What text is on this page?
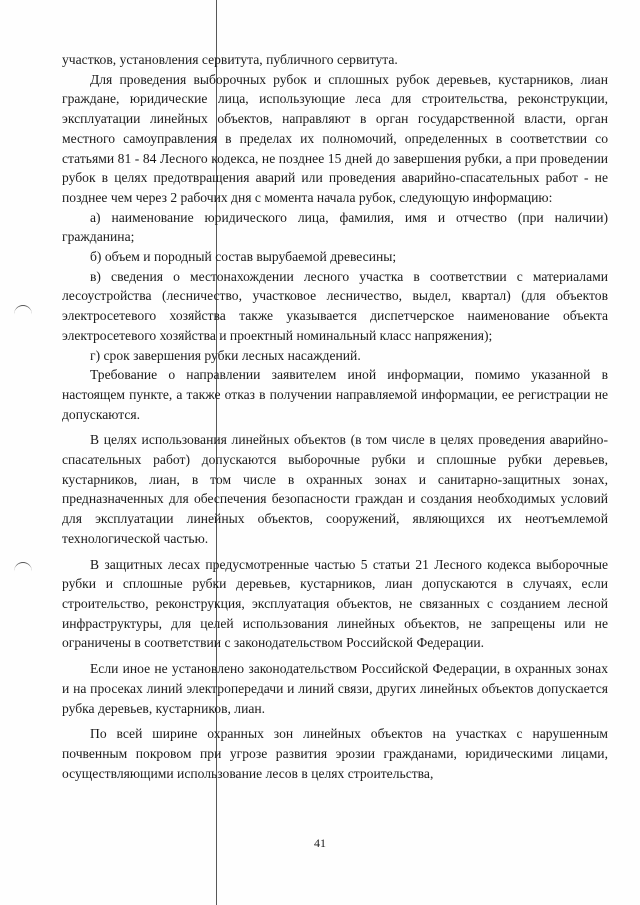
участков, установления сервитута, публичного сервитута.

Для проведения выборочных рубок и сплошных рубок деревьев, кустарников, лиан граждане, юридические лица, использующие леса для строительства, реконструкции, эксплуатации линейных объектов, направляют в орган государственной власти, орган местного самоуправления в пределах их полномочий, определенных в соответствии со статьями 81 - 84 Лесного кодекса, не позднее 15 дней до завершения рубки, а при проведении рубок в целях предотвращения аварий или проведения аварийно-спасательных работ - не позднее чем через 2 рабочих дня с момента начала рубок, следующую информацию:

а) наименование юридического лица, фамилия, имя и отчество (при наличии) гражданина;

б) объем и породный состав вырубаемой древесины;

в) сведения о местонахождении лесного участка в соответствии с материалами лесоустройства (лесничество, участковое лесничество, выдел, квартал) (для объектов электросетевого хозяйства также указывается диспетчерское наименование объекта электросетевого хозяйства и проектный номинальный класс напряжения);

г) срок завершения рубки лесных насаждений.

Требование о направлении заявителем иной информации, помимо указанной в настоящем пункте, а также отказ в получении направляемой информации, ее регистрации не допускаются.

В целях использования линейных объектов (в том числе в целях проведения аварийно-спасательных работ) допускаются выборочные рубки и сплошные рубки деревьев, кустарников, лиан, в том числе в охранных зонах и санитарно-защитных зонах, предназначенных для обеспечения безопасности граждан и создания необходимых условий для эксплуатации линейных объектов, сооружений, являющихся их неотъемлемой технологической частью.

В защитных лесах предусмотренные частью 5 статьи 21 Лесного кодекса выборочные рубки и сплошные рубки деревьев, кустарников, лиан допускаются в случаях, если строительство, реконструкция, эксплуатация объектов, не связанных с созданием лесной инфраструктуры, для целей использования линейных объектов, не запрещены или не ограничены в соответствии с законодательством Российской Федерации.

Если иное не установлено законодательством Российской Федерации, в охранных зонах и на просеках линий электропередачи и линий связи, других линейных объектов допускается рубка деревьев, кустарников, лиан.

По всей ширине охранных зон линейных объектов на участках с нарушенным почвенным покровом при угрозе развития эрозии гражданами, юридическими лицами, осуществляющими использование лесов в целях строительства,

41
